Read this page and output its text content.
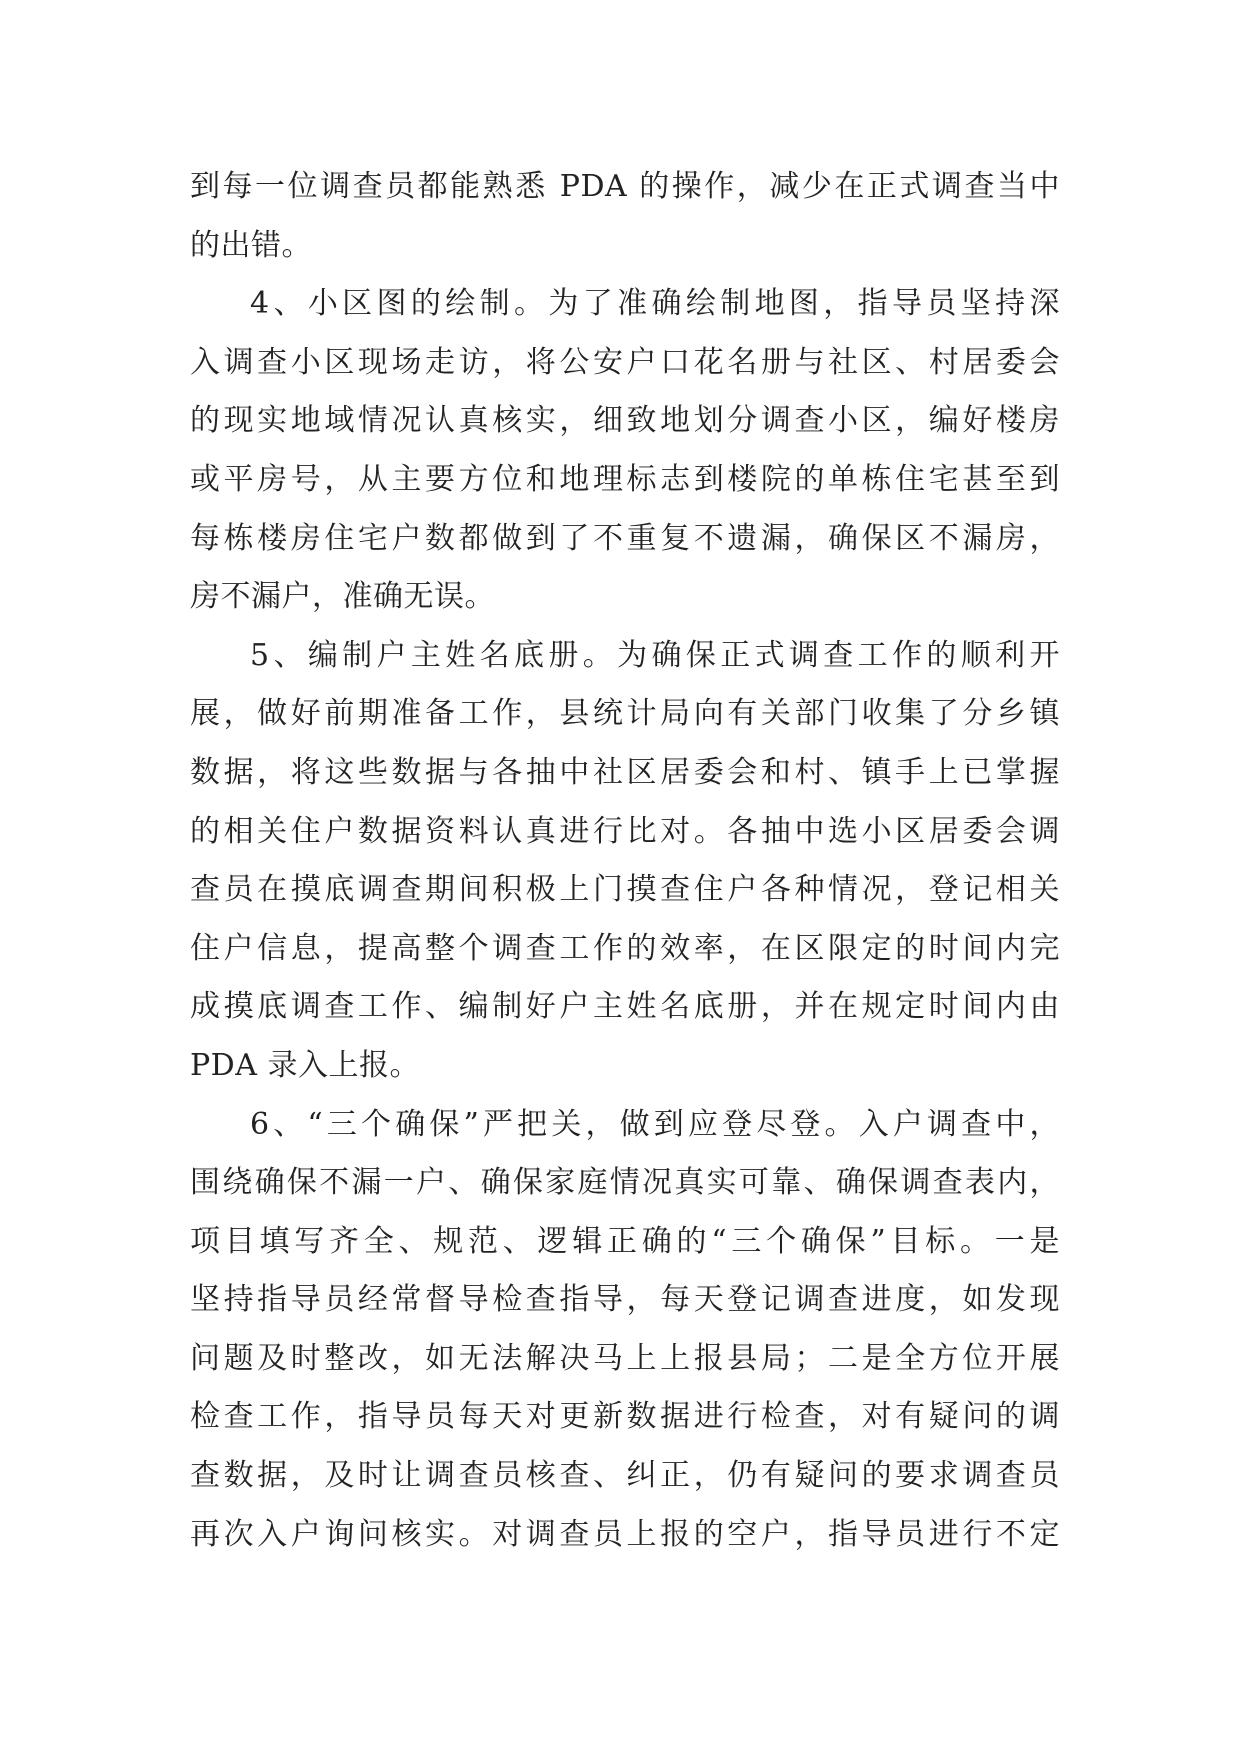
到每一位调查员都能熟悉 PDA 的操作，减少在正式调查当中
的出错。
4、小区图的绘制。为了准确绘制地图，指导员坚持深
入调查小区现场走访，将公安户口花名册与社区、村居委会
的现实地域情况认真核实，细致地划分调查小区，编好楼房
或平房号，从主要方位和地理标志到楼院的单栋住宅甚至到
每栋楼房住宅户数都做到了不重复不遗漏，确保区不漏房，
房不漏户，准确无误。
5、编制户主姓名底册。为确保正式调查工作的顺利开
展，做好前期准备工作，县统计局向有关部门收集了分乡镇
数据，将这些数据与各抽中社区居委会和村、镇手上已掌握
的相关住户数据资料认真进行比对。各抽中选小区居委会调
查员在摸底调查期间积极上门摸查住户各种情况，登记相关
住户信息，提高整个调查工作的效率，在区限定的时间内完
成摸底调查工作、编制好户主姓名底册，并在规定时间内由
PDA 录入上报。
6、“三个确保”严把关，做到应登尽登。入户调查中，
围绕确保不漏一户、确保家庭情况真实可靠、确保调查表内，
项目填写齐全、规范、逻辑正确的“三个确保”目标。一是
坚持指导员经常督导检查指导，每天登记调查进度，如发现
问题及时整改，如无法解决马上上报县局；二是全方位开展
检查工作，指导员每天对更新数据进行检查，对有疑问的调
查数据，及时让调查员核查、纠正，仍有疑问的要求调查员
再次入户询问核实。对调查员上报的空户，指导员进行不定
